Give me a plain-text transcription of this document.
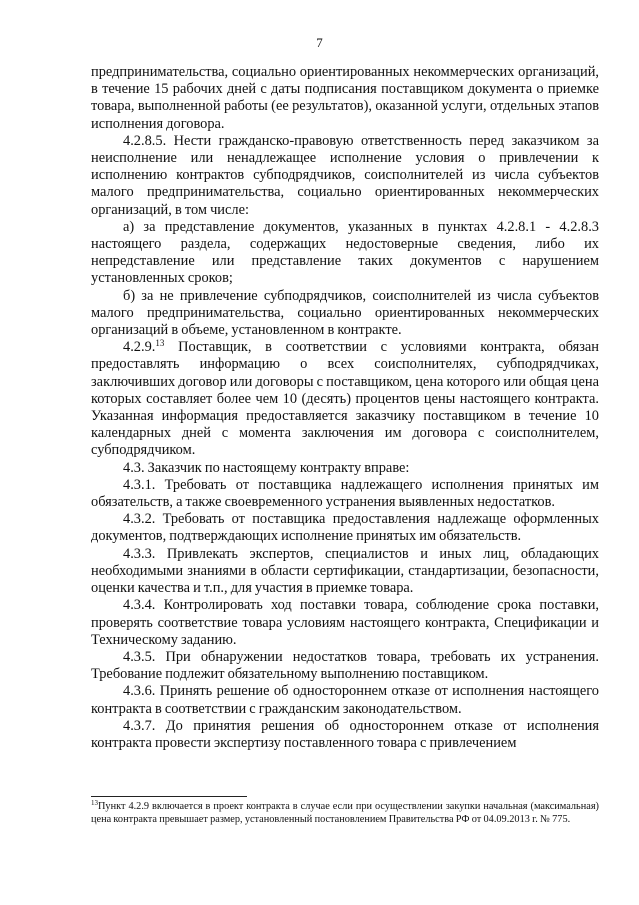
7

предпринимательства, социально ориентированных некоммерческих организаций, в течение 15 рабочих дней с даты подписания поставщиком документа о приемке товара, выполненной работы (ее результатов), оказанной услуги, отдельных этапов исполнения договора.

4.2.8.5. Нести гражданско-правовую ответственность перед заказчиком за неисполнение или ненадлежащее исполнение условия о привлечении к исполнению контрактов субподрядчиков, соисполнителей из числа субъектов малого предпринимательства, социально ориентированных некоммерческих организаций, в том числе:

а) за представление документов, указанных в пунктах 4.2.8.1 - 4.2.8.3 настоящего раздела, содержащих недостоверные сведения, либо их непредставление или представление таких документов с нарушением установленных сроков;

б) за не привлечение субподрядчиков, соисполнителей из числа субъектов малого предпринимательства, социально ориентированных некоммерческих организаций в объеме, установленном в контракте.

4.2.9.13 Поставщик, в соответствии с условиями контракта, обязан предоставлять информацию о всех соисполнителях, субподрядчиках, заключивших договор или договоры с поставщиком, цена которого или общая цена которых составляет более чем 10 (десять) процентов цены настоящего контракта. Указанная информация предоставляется заказчику поставщиком в течение 10 календарных дней с момента заключения им договора с соисполнителем, субподрядчиком.

4.3. Заказчик по настоящему контракту вправе:

4.3.1. Требовать от поставщика надлежащего исполнения принятых им обязательств, а также своевременного устранения выявленных недостатков.

4.3.2. Требовать от поставщика предоставления надлежаще оформленных документов, подтверждающих исполнение принятых им обязательств.

4.3.3. Привлекать экспертов, специалистов и иных лиц, обладающих необходимыми знаниями в области сертификации, стандартизации, безопасности, оценки качества и т.п., для участия в приемке товара.

4.3.4. Контролировать ход поставки товара, соблюдение срока поставки, проверять соответствие товара условиям настоящего контракта, Спецификации и Техническому заданию.

4.3.5. При обнаружении недостатков товара, требовать их устранения. Требование подлежит обязательному выполнению поставщиком.

4.3.6. Принять решение об одностороннем отказе от исполнения настоящего контракта в соответствии с гражданским законодательством.

4.3.7. До принятия решения об одностороннем отказе от исполнения контракта провести экспертизу поставленного товара с привлечением

$^{13}$Пункт 4.2.9 включается в проект контракта в случае если при осуществлении закупки начальная (максимальная) цена контракта превышает размер, установленный постановлением Правительства РФ от 04.09.2013 г. № 775.
